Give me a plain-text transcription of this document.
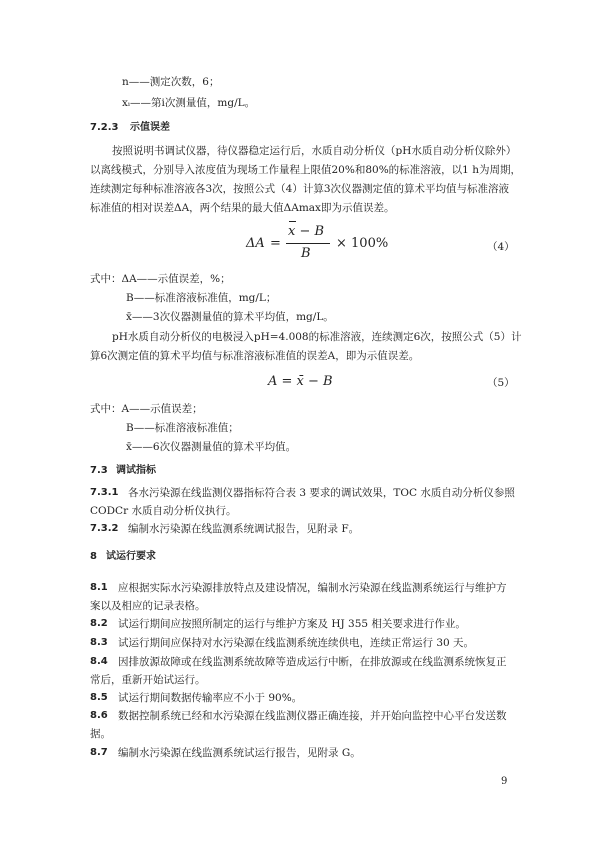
n——测定次数，6；
xᵢ——第i次测量值，mg/L。
7.2.3 示值误差
按照说明书调试仪器，待仪器稳定运行后，水质自动分析仪（pH水质自动分析仪除外）
以离线模式，分别导入浓度值为现场工作量程上限值20%和80%的标准溶液，以1 h为周期，
连续测定每种标准溶液各3次，按照公式（4）计算3次仪器测定值的算术平均值与标准溶液
标准值的相对误差ΔA，两个结果的最大值ΔAmax即为示值误差。
ΔA =
x − B
B
× 100%	（4）
式中：ΔA——示值误差，%；
B——标准溶液标准值，mg/L；
x̄——3次仪器测量值的算术平均值，mg/L。
pH水质自动分析仪的电极浸入pH=4.008的标准溶液，连续测定6次，按照公式（5）计
算6次测定值的算术平均值与标准溶液标准值的误差A，即为示值误差。
A = x̄ − B	（5）
式中：A——示值误差；
B——标准溶液标准值；
x̄——6次仪器测量值的算术平均值。
7.3 调试指标
7.3.1 各水污染源在线监测仪器指标符合表 3 要求的调试效果，TOC 水质自动分析仪参照
CODCr 水质自动分析仪执行。
7.3.2 编制水污染源在线监测系统调试报告，见附录 F。
8 试运行要求
8.1 应根据实际水污染源排放特点及建设情况，编制水污染源在线监测系统运行与维护方
案以及相应的记录表格。
8.2 试运行期间应按照所制定的运行与维护方案及 HJ 355 相关要求进行作业。
8.3 试运行期间应保持对水污染源在线监测系统连续供电，连续正常运行 30 天。
8.4 因排放源故障或在线监测系统故障等造成运行中断，在排放源或在线监测系统恢复正
常后，重新开始试运行。
8.5 试运行期间数据传输率应不小于 90%。
8.6 数据控制系统已经和水污染源在线监测仪器正确连接，并开始向监控中心平台发送数
据。
8.7 编制水污染源在线监测系统试运行报告，见附录 G。
9
